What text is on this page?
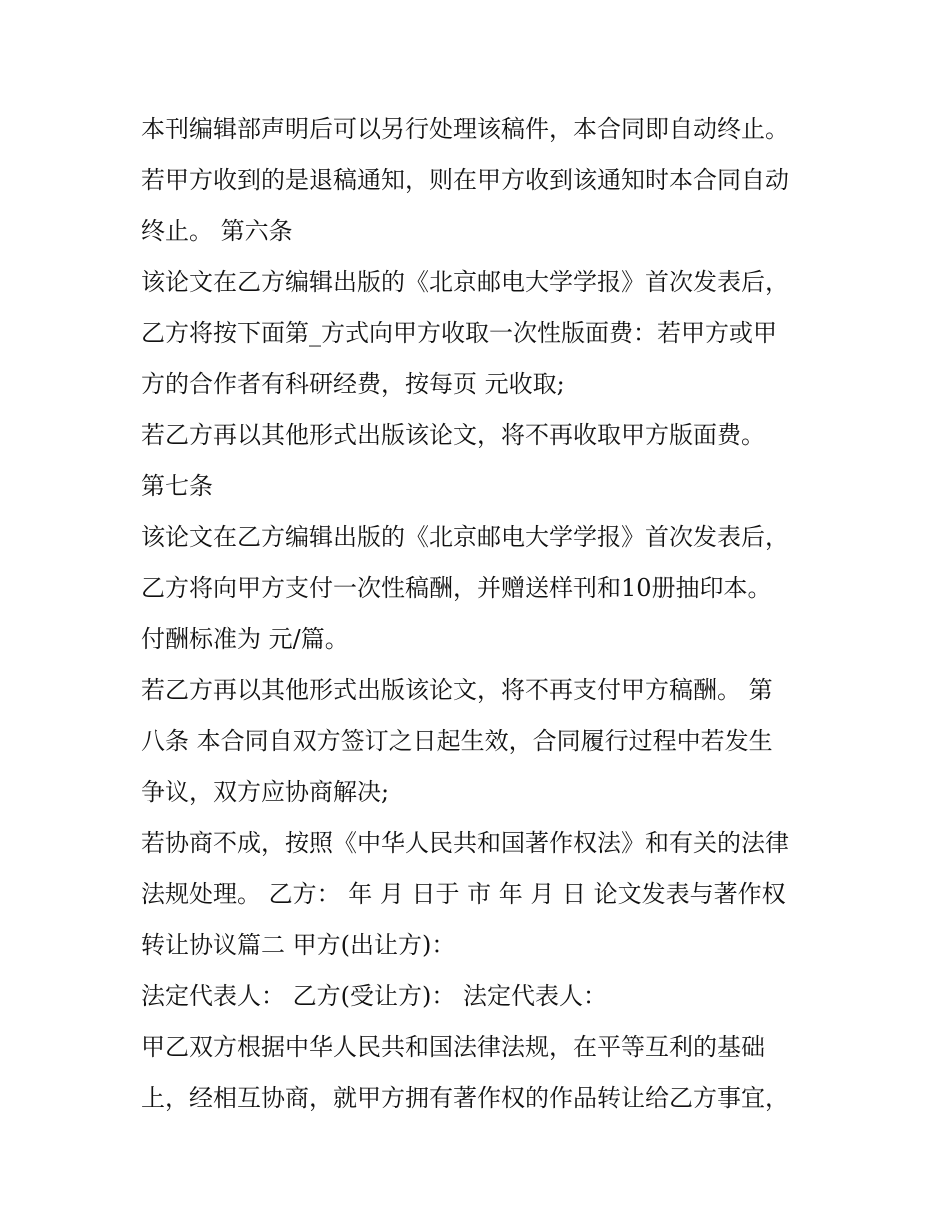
本刊编辑部声明后可以另行处理该稿件，本合同即自动终止。

若甲方收到的是退稿通知，则在甲方收到该通知时本合同自动

终止。 第六条

该论文在乙方编辑出版的《北京邮电大学学报》首次发表后，

乙方将按下面第_方式向甲方收取一次性版面费：若甲方或甲

方的合作者有科研经费，按每页 元收取;

若乙方再以其他形式出版该论文，将不再收取甲方版面费。

第七条

该论文在乙方编辑出版的《北京邮电大学学报》首次发表后，

乙方将向甲方支付一次性稿酬，并赠送样刊和10册抽印本。

付酬标准为 元/篇。

若乙方再以其他形式出版该论文，将不再支付甲方稿酬。 第

八条 本合同自双方签订之日起生效，合同履行过程中若发生

争议，双方应协商解决;

若协商不成，按照《中华人民共和国著作权法》和有关的法律

法规处理。 乙方： 年 月 日于 市 年 月 日 论文发表与著作权

转让协议篇二 甲方(出让方)：

法定代表人： 乙方(受让方)： 法定代表人：

甲乙双方根据中华人民共和国法律法规，在平等互利的基础

上，经相互协商，就甲方拥有著作权的作品转让给乙方事宜，
